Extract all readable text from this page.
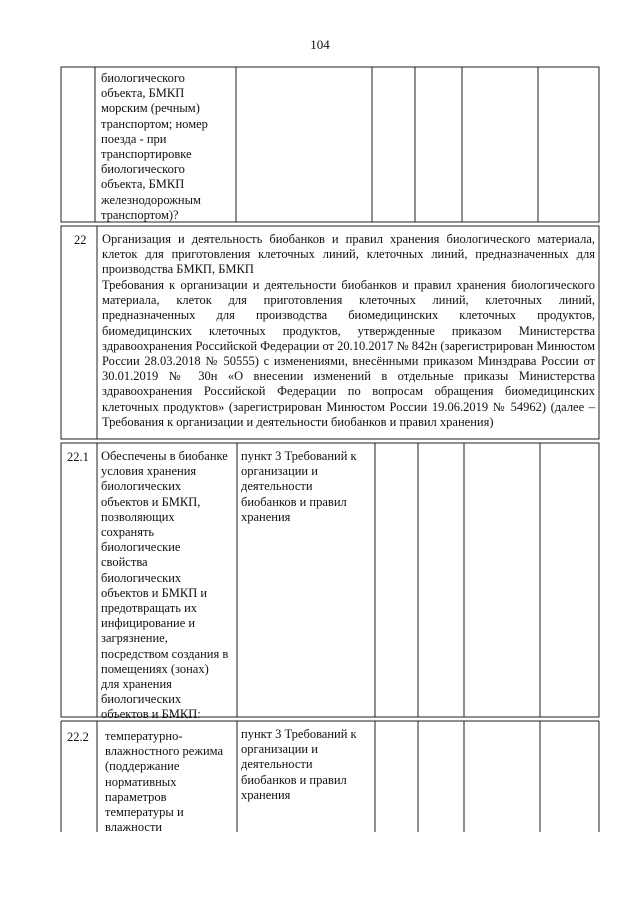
104
биологического
объекта, БМКП
морским (речным)
транспортом; номер
поезда - при
транспортировке
биологического
объекта, БМКП
железнодорожным
транспортом)?
22 Организация и деятельность биобанков и правил хранения биологического материала, клеток для приготовления клеточных линий, клеточных линий, предназначенных для производства БМКП, БМКП
Требования к организации и деятельности биобанков и правил хранения биологического материала, клеток для приготовления клеточных линий, клеточных линий, предназначенных для производства биомедицинских клеточных продуктов, биомедицинских клеточных продуктов, утвержденные приказом Министерства здравоохранения Российской Федерации от 20.10.2017 № 842н (зарегистрирован Минюстом России 28.03.2018 № 50555) с изменениями, внесёнными приказом Минздрава России от 30.01.2019 № 30н «О внесении изменений в отдельные приказы Министерства здравоохранения Российской Федерации по вопросам обращения биомедицинских клеточных продуктов» (зарегистрирован Минюстом России 19.06.2019 № 54962) (далее – Требования к организации и деятельности биобанков и правил хранения)
22.1 Обеспечены в биобанке
условия хранения
биологических
объектов и БМКП,
позволяющих
сохранять
биологические
свойства
биологических
объектов и БМКП и
предотвращать их
инфицирование и
загрязнение,
посредством создания в
помещениях (зонах)
для хранения
биологических
объектов и БМКП:
пункт 3 Требований к
организации и
деятельности
биобанков и правил
хранения
22.2 температурно-
влажностного режима
(поддержание
нормативных
параметров
температуры и
влажности
пункт 3 Требований к
организации и
деятельности
биобанков и правил
хранения
